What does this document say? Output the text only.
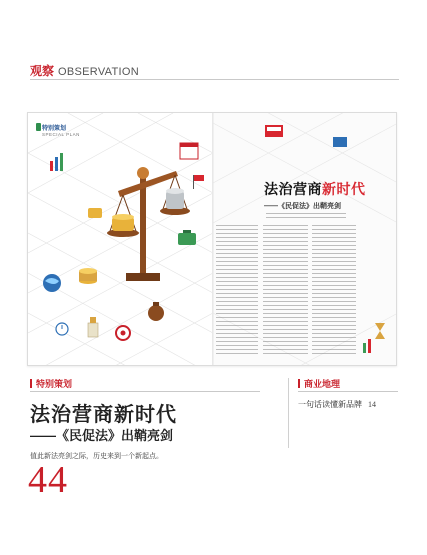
观察 OBSERVATION
特别策划
SPECIAL PLAN
法治营商新时代
——《民促法》出鞘亮剑
特别策划
法治营商新时代
——《民促法》出鞘亮剑
值此新法亮剑之际，历史来到一个新起点。
44
商业地理
一句话读懂新品牌 14
